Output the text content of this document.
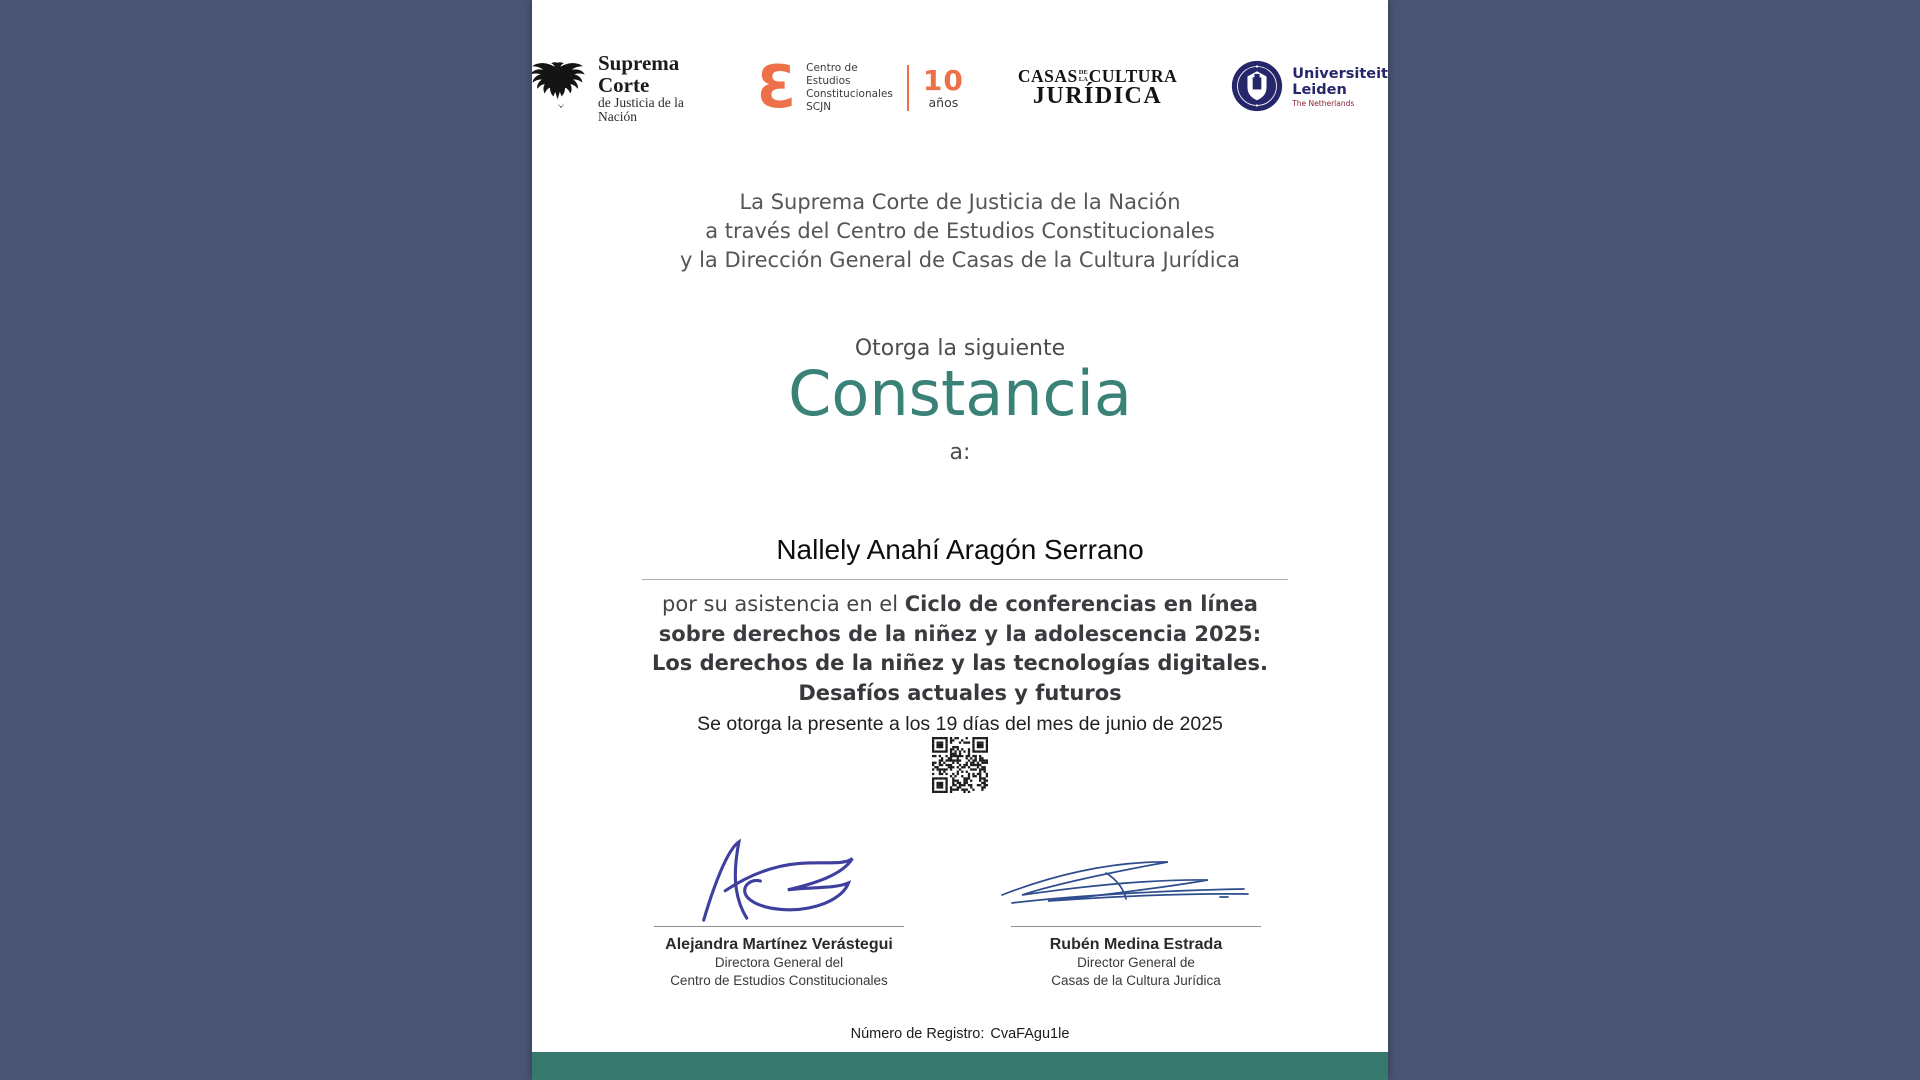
Suprema Corte
de Justicia de la Nación	Ɛ Centro de Estudios
Constitucionales
SCJN
10
años
CASAS DE
LA CULTURA
JURÍDICA
Universiteit
Leiden
The Netherlands
La Suprema Corte de Justicia de la Nación
a través del Centro de Estudios Constitucionales
y la Dirección General de Casas de la Cultura Jurídica
Otorga la siguiente
Constancia
a:
Nallely Anahí Aragón Serrano
por su asistencia en el Ciclo de conferencias en línea
sobre derechos de la niñez y la adolescencia 2025:
Los derechos de la niñez y las tecnologías digitales.
Desafíos actuales y futuros
Se otorga la presente a los 19 días del mes de junio de 2025
Alejandra Martínez Verástegui
Directora General del
Centro de Estudios Constitucionales
Rubén Medina Estrada
Director General de
Casas de la Cultura Jurídica
Número de Registro: CvaFAgu1le
